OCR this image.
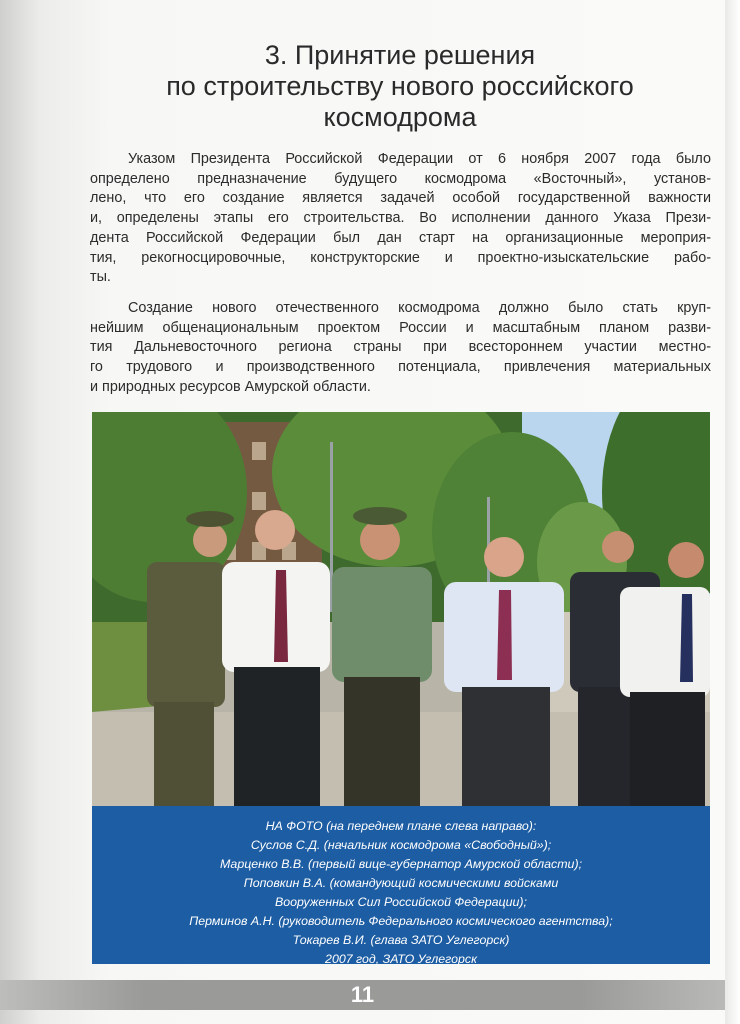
3. Принятие решения
по строительству нового российского
космодрома
Указом Президента Российской Федерации от 6 ноября 2007 года было
определено предназначение будущего космодрома «Восточный», установ-
лено, что его создание является задачей особой государственной важности
и, определены этапы его строительства. Во исполнении данного Указа Прези-
дента Российской Федерации был дан старт на организационные мероприя-
тия, рекогносцировочные, конструкторские и проектно-изыскательские рабо-
ты.
Создание нового отечественного космодрома должно было стать круп-
нейшим общенациональным проектом России и масштабным планом разви-
тия Дальневосточного региона страны при всестороннем участии местно-
го трудового и производственного потенциала, привлечения материальных
и природных ресурсов Амурской области.
НА ФОТО (на переднем плане слева направо):
Суслов С.Д. (начальник космодрома «Свободный»);
Марценко В.В. (первый вице-губернатор Амурской области);
Поповкин В.А. (командующий космическими войсками
Вооруженных Сил Российской Федерации);
Перминов А.Н. (руководитель Федерального космического агентства);
Токарев В.И. (глава ЗАТО Углегорск)
2007 год, ЗАТО Углегорск
11
